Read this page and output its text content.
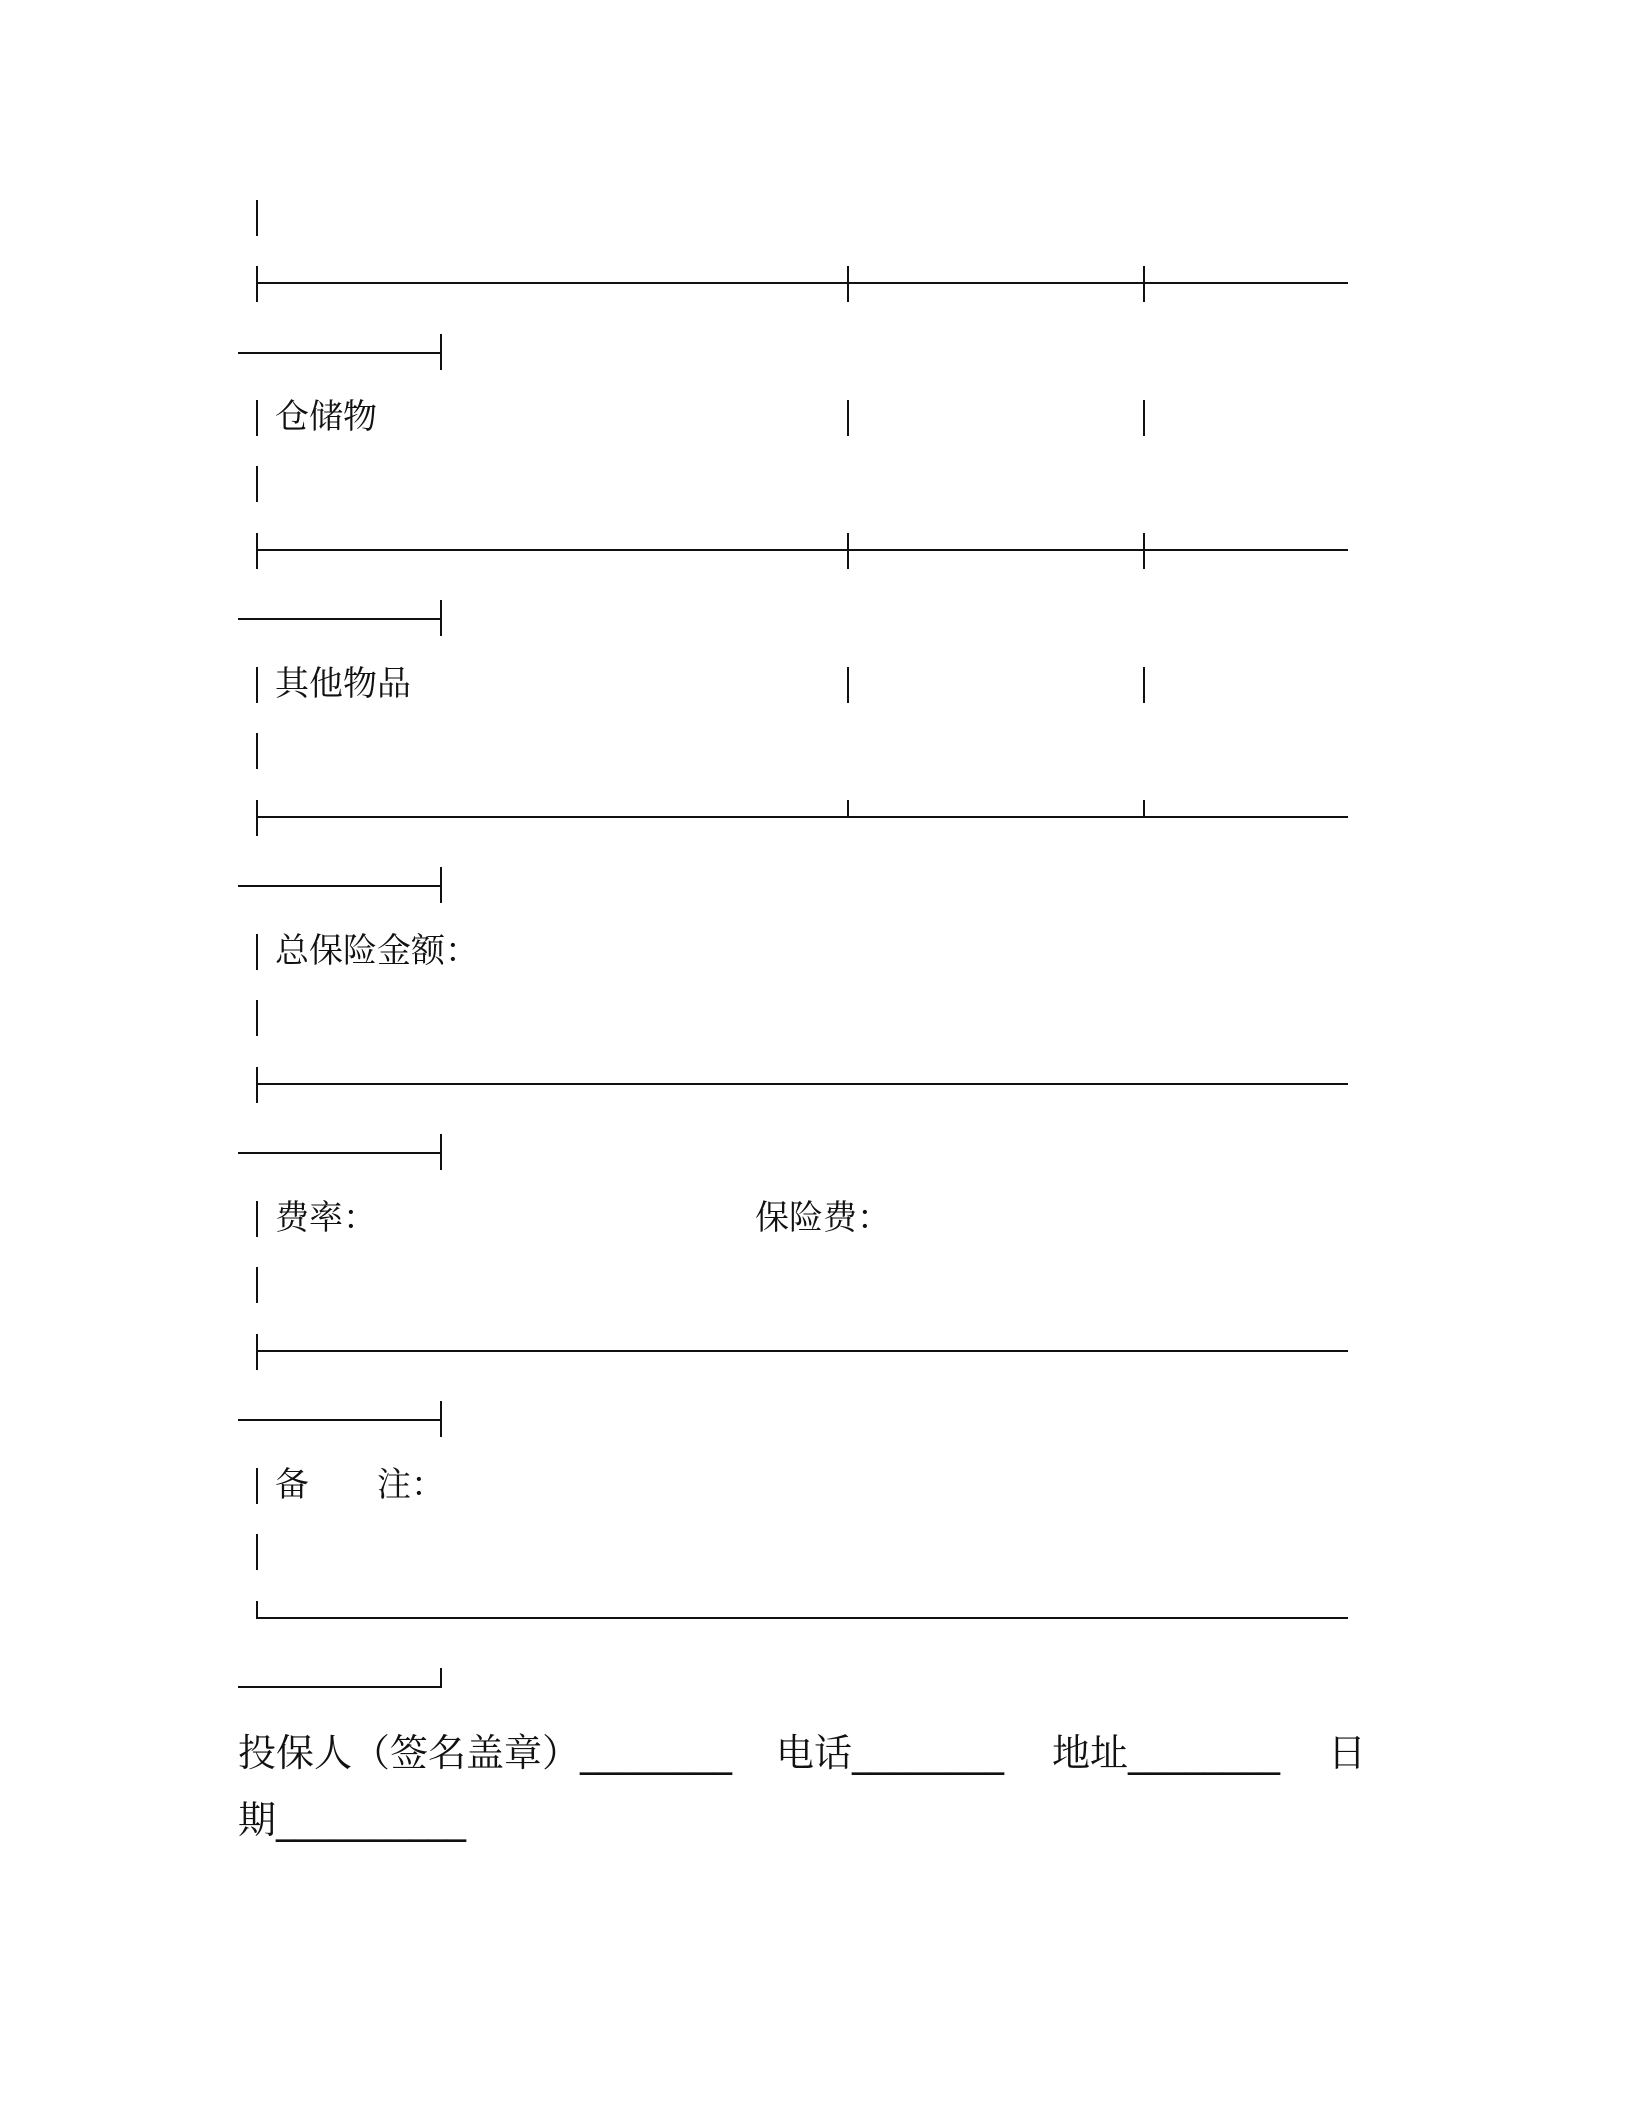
仓储物
其他物品
总保险金额：
费率：	保险费：
备　　注：
投保人（签名盖章）________ 电话________ 地址________ 日
期__________
